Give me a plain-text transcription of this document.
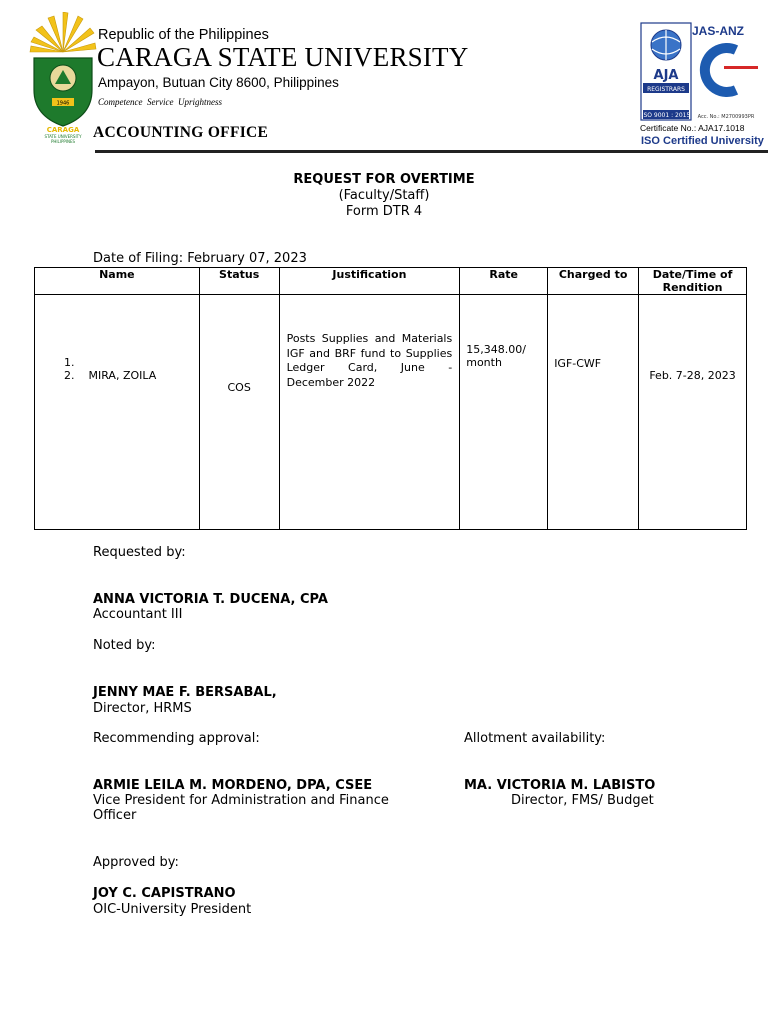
1946
CARAGA
STATE UNIVERSITY
PHILIPPINES
Republic of the Philippines
CARAGA STATE UNIVERSITY
Ampayon, Butuan City 8600, Philippines
Competence Service Uprightness
ACCOUNTING OFFICE
AJA
REGISTRARS
ISO 9001 : 2015
JAS-ANZ
Acc. No.: M2700993PR
Certificate No.: AJA17.1018
ISO Certified University
REQUEST FOR OVERTIME
(Faculty/Staff)
Form DTR 4
Date of Filing: February 07, 2023
Name	Status	Justification	Rate	Charged to	Date/Time of Rendition

1.
2. MIRA, ZOILA	COS	Posts Supplies and Materials IGF and BRF fund to Supplies Ledger Card, June - December 2022	15,348.00/ month	IGF-CWF	Feb. 7-28, 2023
Requested by:
ANNA VICTORIA T. DUCENA, CPA
Accountant III
Noted by:
JENNY MAE F. BERSABAL,
Director, HRMS
Recommending approval:
ARMIE LEILA M. MORDENO, DPA, CSEE
Vice President for Administration and Finance
Officer
Allotment availability:
MA. VICTORIA M. LABISTO
Director, FMS/ Budget
Approved by:
JOY C. CAPISTRANO
OIC-University President
